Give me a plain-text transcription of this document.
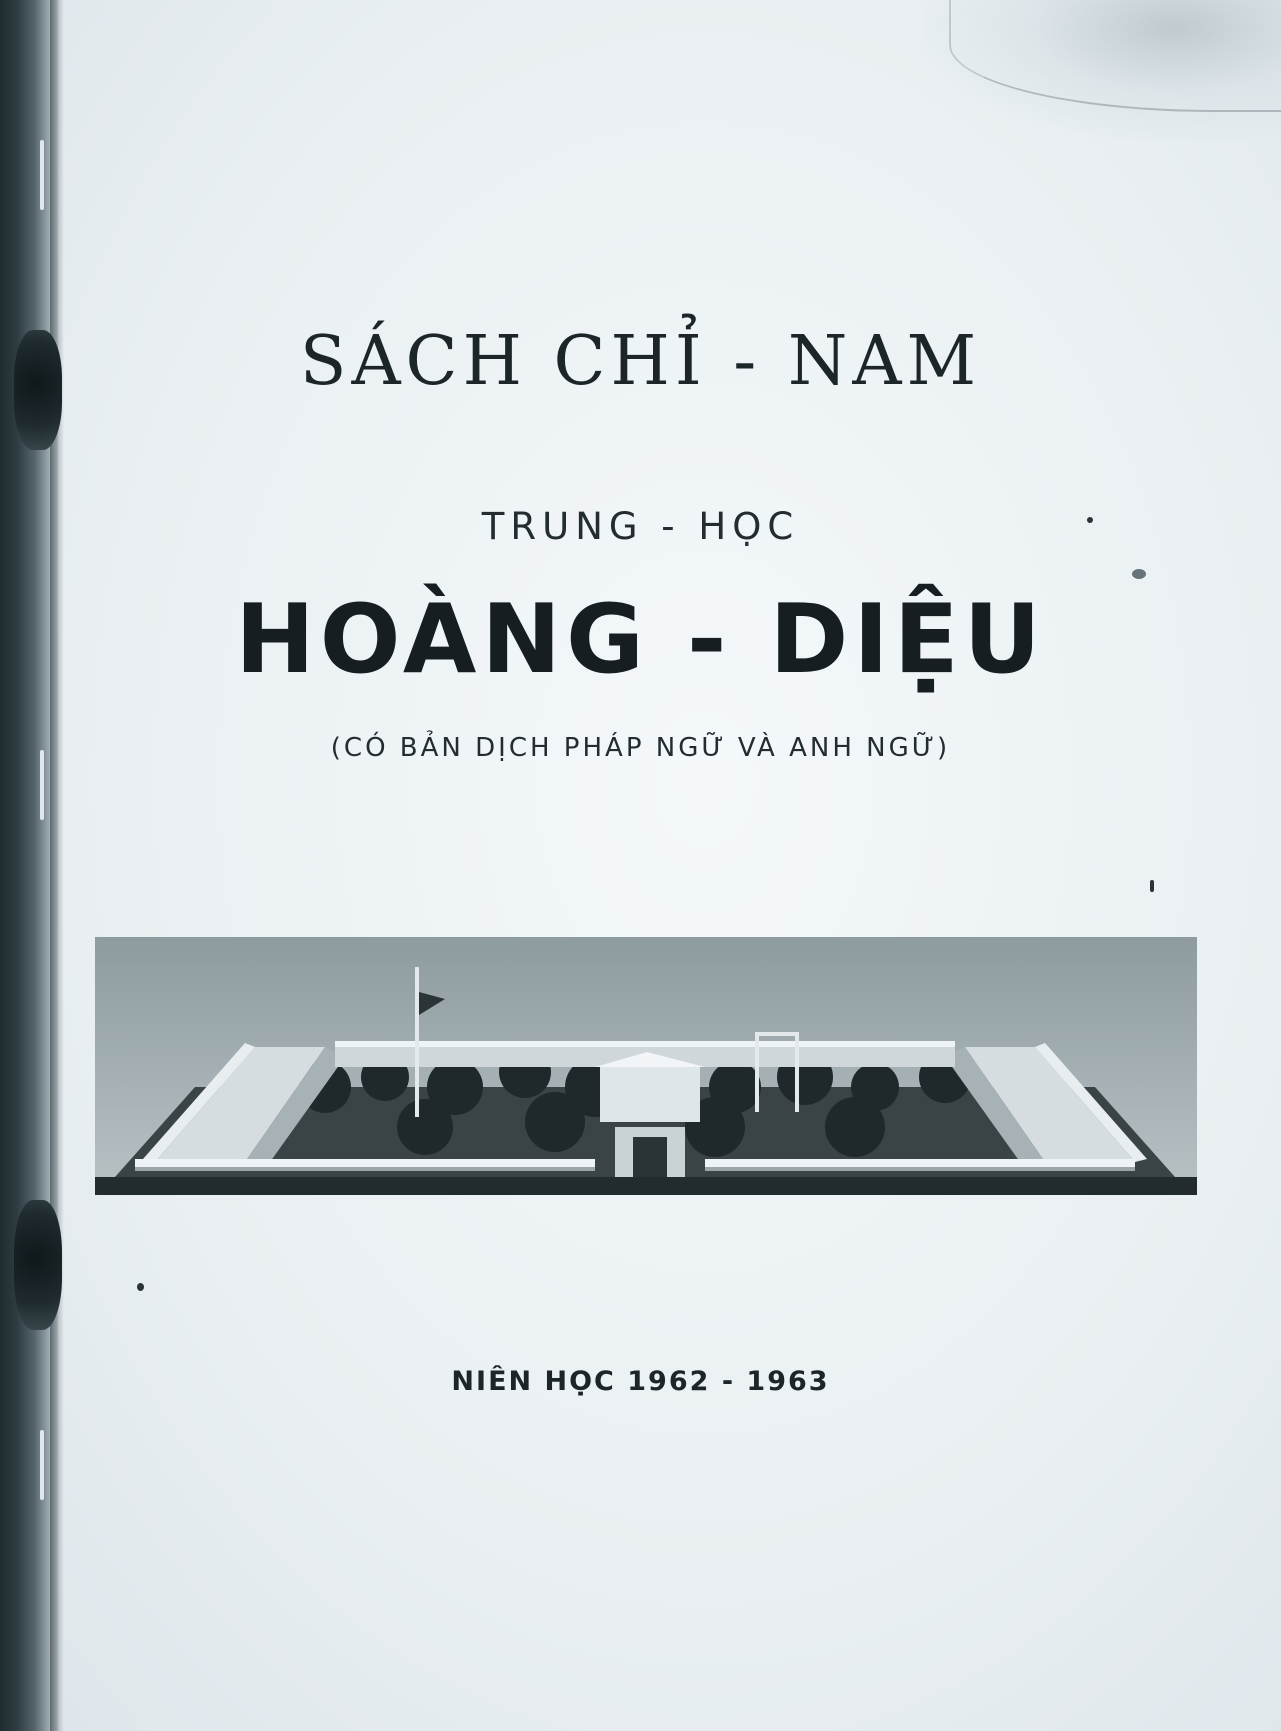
SÁCH CHỈ - NAM
TRUNG - HỌC
HOÀNG - DIỆU
(CÓ BẢN DỊCH PHÁP NGỮ VÀ ANH NGỮ)
NIÊN HỌC 1962 - 1963
